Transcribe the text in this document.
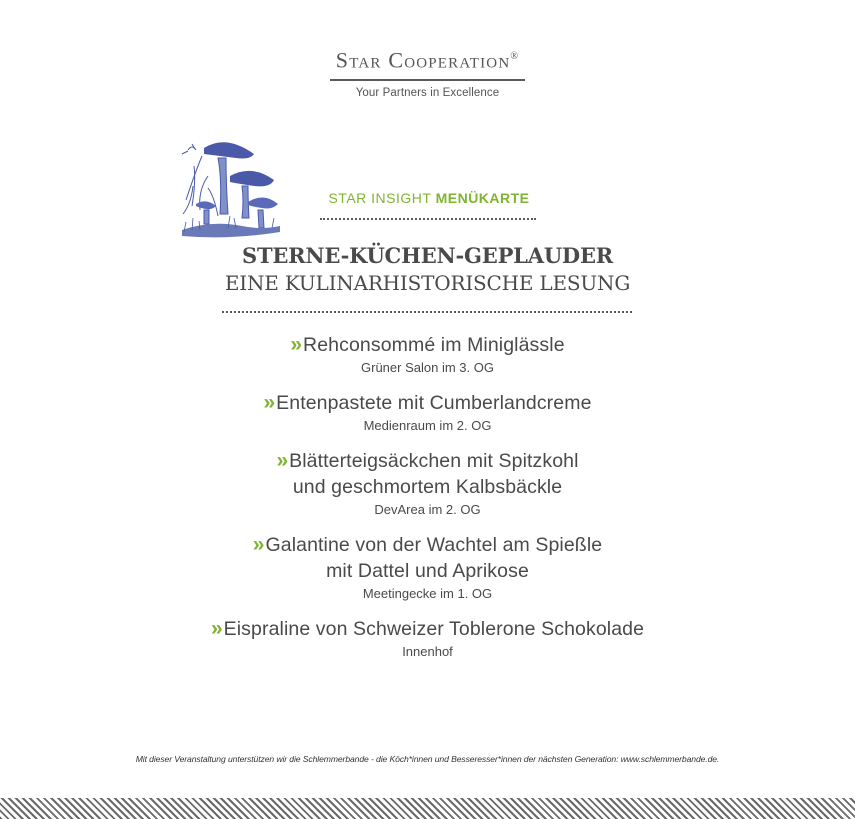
Star Cooperation®
Your Partners in Excellence
STAR INSIGHT MENÜKARTE
STERNE-KÜCHEN-GEPLAUDER
EINE KULINARHISTORISCHE LESUNG
» Rehconsommé im Miniglässle
Grüner Salon im 3. OG
» Entenpastete mit Cumberlandcreme
Medienraum im 2. OG
» Blätterteigsäckchen mit Spitzkohl
und geschmortem Kalbsbäckle
DevArea im 2. OG
» Galantine von der Wachtel am Spießle
mit Dattel und Aprikose
Meetingecke im 1. OG
» Eispraline von Schweizer Toblerone Schokolade
Innenhof
Mit dieser Veranstaltung unterstützen wir die Schlemmerbande - die Köch*innen und Besseresser*innen der nächsten Generation: www.schlemmerbande.de.
